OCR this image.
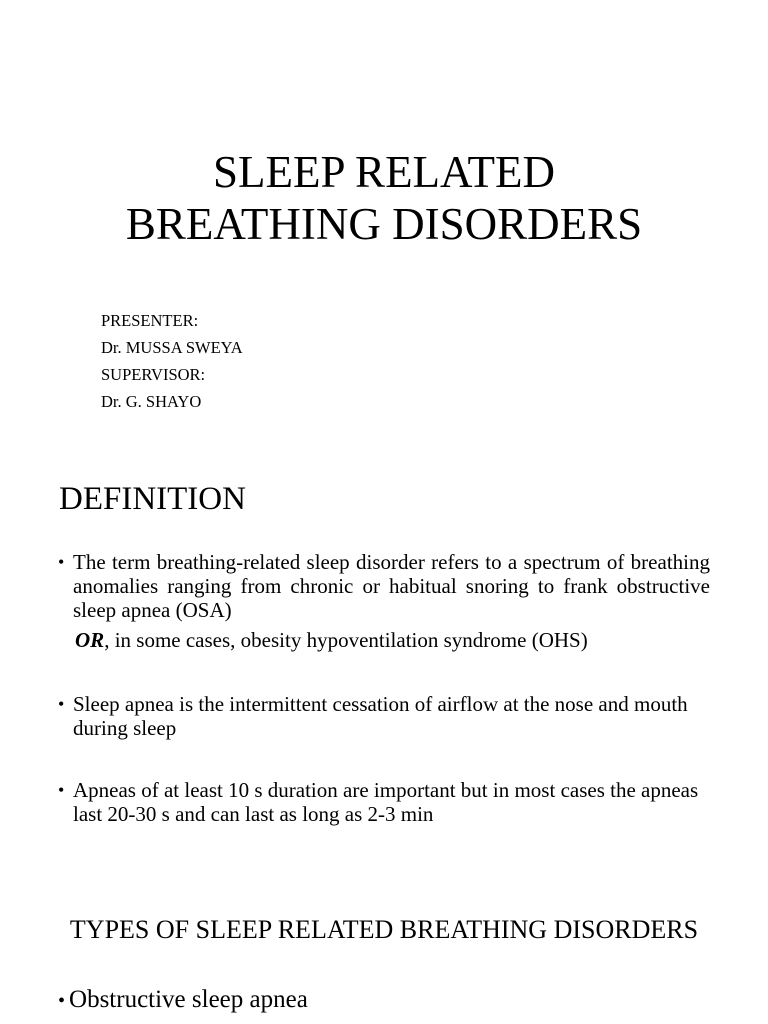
SLEEP RELATED
BREATHING DISORDERS
PRESENTER:
Dr. MUSSA SWEYA
SUPERVISOR:
Dr. G. SHAYO
DEFINITION
• The term breathing-related sleep disorder refers to a spectrum of breathing anomalies ranging from chronic or habitual snoring to frank obstructive sleep apnea (OSA)
OR, in some cases, obesity hypoventilation syndrome (OHS)
• Sleep apnea is the intermittent cessation of airflow at the nose and mouth during sleep
• Apneas of at least 10 s duration are important but in most cases the apneas last 20-30 s and can last as long as 2-3 min
TYPES OF SLEEP RELATED BREATHING DISORDERS
• Obstructive sleep apnea
